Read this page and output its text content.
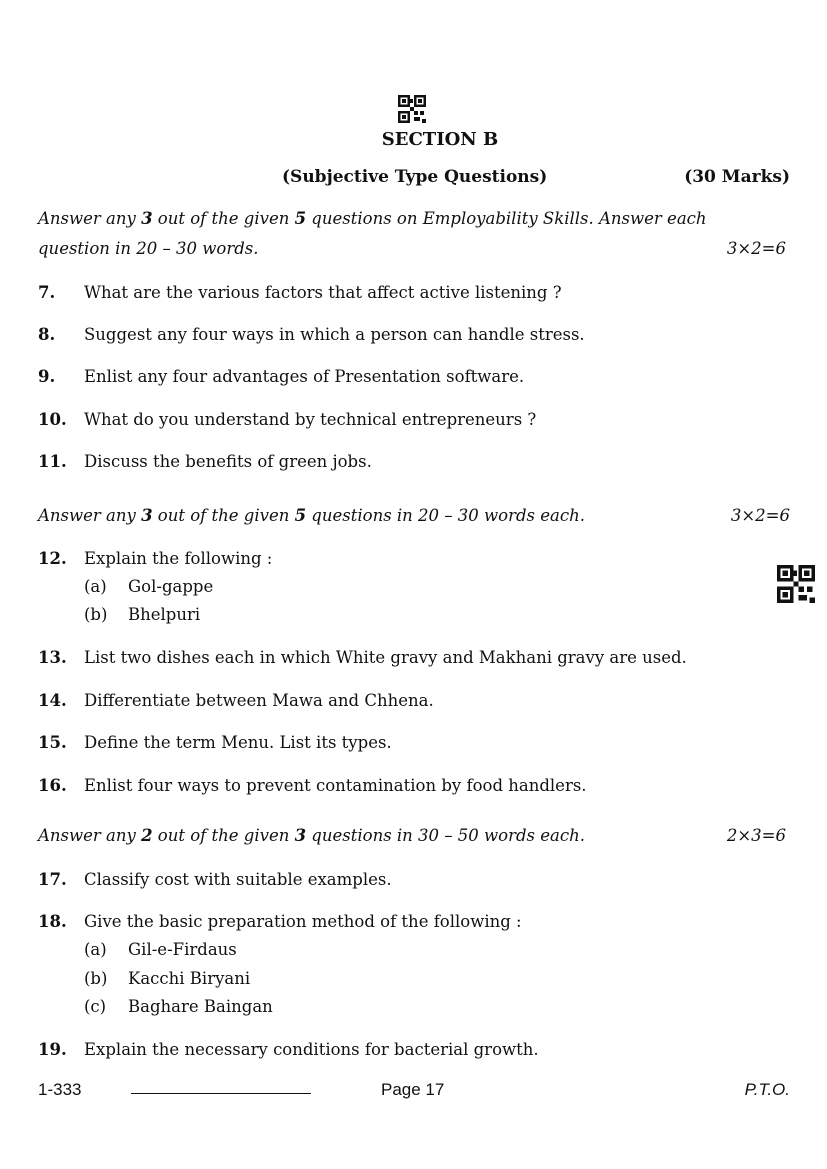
SECTION B
(Subjective Type Questions)	(30 Marks)
Answer any 3 out of the given 5 questions on Employability Skills. Answer each
question in 20 – 30 words.	3×2=6
7. What are the various factors that affect active listening ?
8. Suggest any four ways in which a person can handle stress.
9. Enlist any four advantages of Presentation software.
10. What do you understand by technical entrepreneurs ?
11. Discuss the benefits of green jobs.
Answer any 3 out of the given 5 questions in 20 – 30 words each.	3×2=6
12. Explain the following :
(a) Gol-gappe
(b) Bhelpuri
13. List two dishes each in which White gravy and Makhani gravy are used.
14. Differentiate between Mawa and Chhena.
15. Define the term Menu. List its types.
16. Enlist four ways to prevent contamination by food handlers.
Answer any 2 out of the given 3 questions in 30 – 50 words each.	2×3=6
17. Classify cost with suitable examples.
18. Give the basic preparation method of the following :
(a) Gil-e-Firdaus
(b) Kacchi Biryani
(c) Baghare Baingan
19. Explain the necessary conditions for bacterial growth.
1-333	Page 17	P.T.O.
